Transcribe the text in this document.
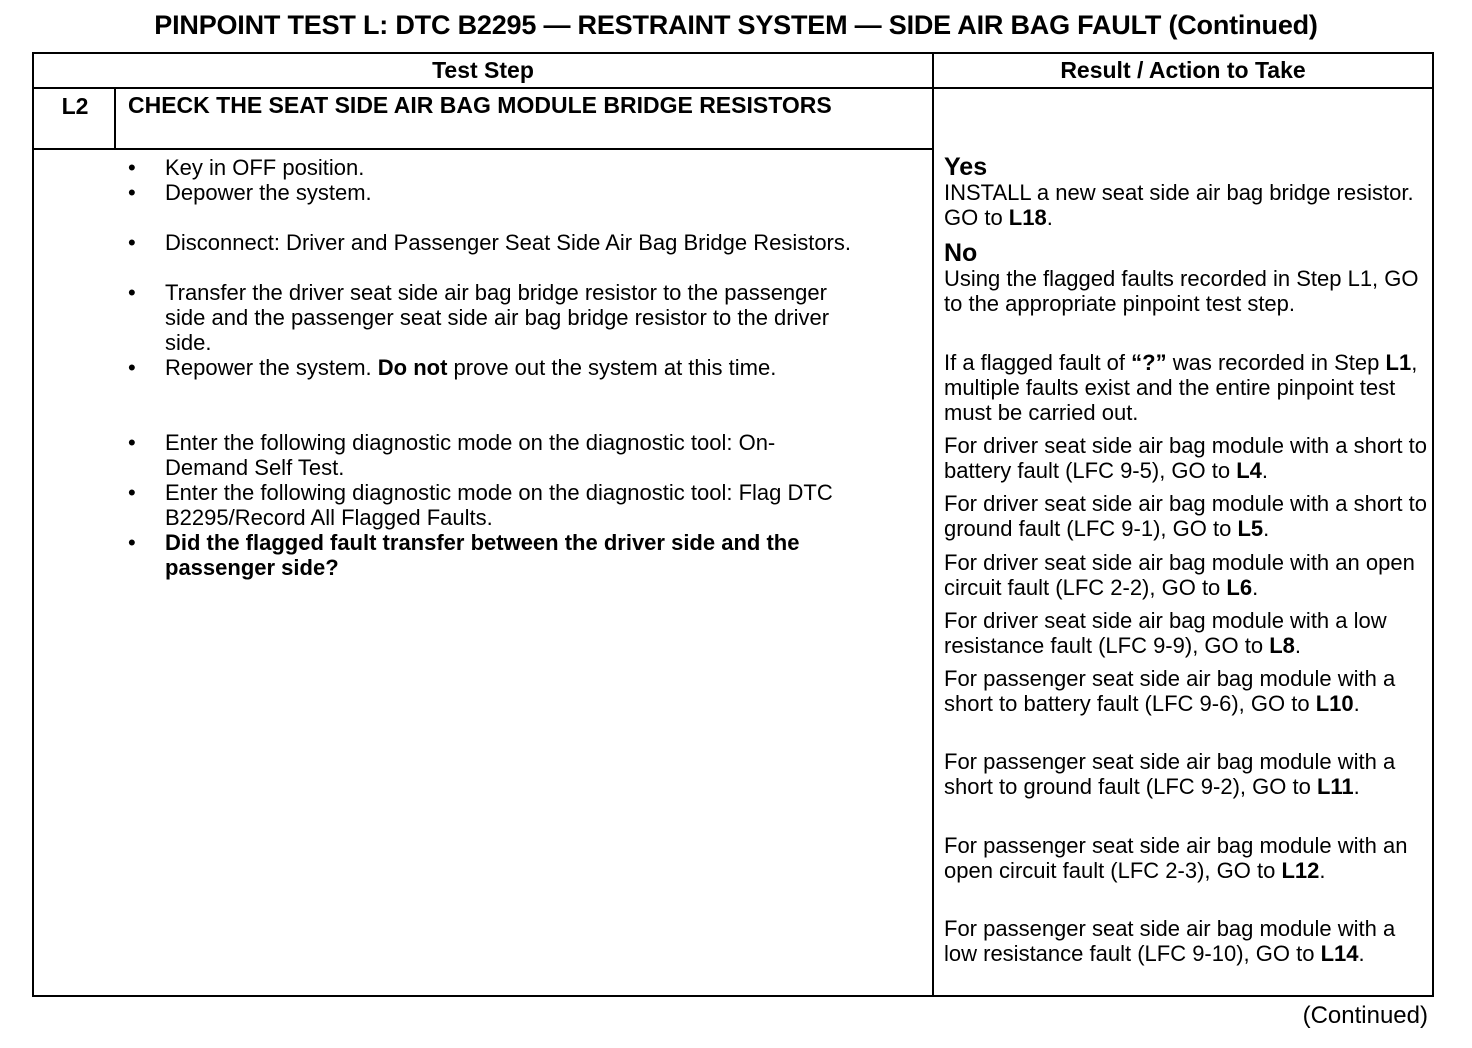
PINPOINT TEST L: DTC B2295 — RESTRAINT SYSTEM — SIDE AIR BAG FAULT (Continued)
Test Step	Result / Action to Take
L2	CHECK THE SEAT SIDE AIR BAG MODULE BRIDGE RESISTORS
• Key in OFF position.
• Depower the system.
• Disconnect: Driver and Passenger Seat Side Air Bag Bridge Resistors.
• Transfer the driver seat side air bag bridge resistor to the passenger side and the passenger seat side air bag bridge resistor to the driver side.
• Repower the system. Do not prove out the system at this time.
• Enter the following diagnostic mode on the diagnostic tool: On-Demand Self Test.
• Enter the following diagnostic mode on the diagnostic tool: Flag DTC B2295/Record All Flagged Faults.
• Did the flagged fault transfer between the driver side and the passenger side?
Yes
INSTALL a new seat side air bag bridge resistor. GO to L18.
No
Using the flagged faults recorded in Step L1, GO to the appropriate pinpoint test step.
If a flagged fault of “?” was recorded in Step L1, multiple faults exist and the entire pinpoint test must be carried out.
For driver seat side air bag module with a short to battery fault (LFC 9-5), GO to L4.
For driver seat side air bag module with a short to ground fault (LFC 9-1), GO to L5.
For driver seat side air bag module with an open circuit fault (LFC 2-2), GO to L6.
For driver seat side air bag module with a low resistance fault (LFC 9-9), GO to L8.
For passenger seat side air bag module with a short to battery fault (LFC 9-6), GO to L10.
For passenger seat side air bag module with a short to ground fault (LFC 9-2), GO to L11.
For passenger seat side air bag module with an open circuit fault (LFC 2-3), GO to L12.
For passenger seat side air bag module with a low resistance fault (LFC 9-10), GO to L14.
(Continued)
